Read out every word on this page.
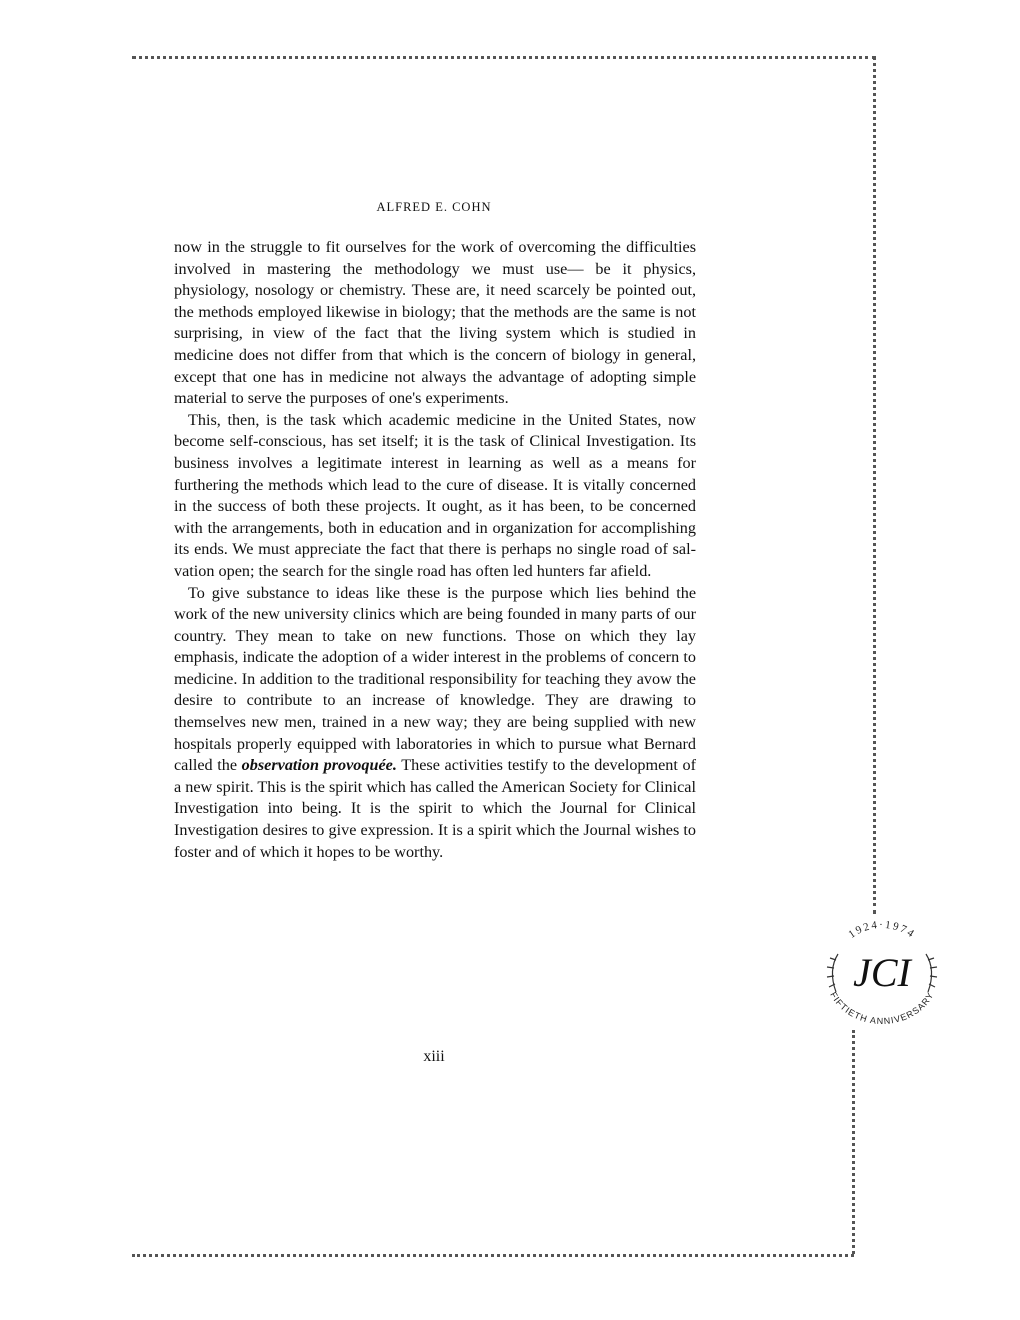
ALFRED E. COHN

now in the struggle to fit ourselves for the work of overcoming the difficulties involved in mastering the methodology we must use— be it physics, physiology, nosology or chemistry. These are, it need scarcely be pointed out, the methods employed likewise in biology; that the methods are the same is not surprising, in view of the fact that the living system which is studied in medicine does not differ from that which is the concern of biology in general, except that one has in medicine not always the advantage of adopting simple material to serve the purposes of one's experiments.

This, then, is the task which academic medicine in the United States, now become self-conscious, has set itself; it is the task of Clinical Investigation. Its business involves a legitimate interest in learning as well as a means for furthering the methods which lead to the cure of disease. It is vitally concerned in the success of both these projects. It ought, as it has been, to be concerned with the arrangements, both in education and in organization for accomplishing its ends. We must appreciate the fact that there is perhaps no single road of salvation open; the search for the single road has often led hunters far afield.

To give substance to ideas like these is the purpose which lies behind the work of the new university clinics which are being founded in many parts of our country. They mean to take on new functions. Those on which they lay emphasis, indicate the adoption of a wider interest in the problems of concern to medicine. In addition to the traditional responsibility for teaching they avow the desire to contribute to an increase of knowledge. They are drawing to themselves new men, trained in a new way; they are being supplied with new hospitals properly equipped with laboratories in which to pursue what Bernard called the observation provoquée. These activities testify to the development of a new spirit. This is the spirit which has called the American Society for Clinical Investigation into being. It is the spirit to which the Journal for Clinical Investigation desires to give expression. It is a spirit which the Journal wishes to foster and of which it hopes to be worthy.

xiii
1924·1974
JCI
FIFTIETH ANNIVERSARY
